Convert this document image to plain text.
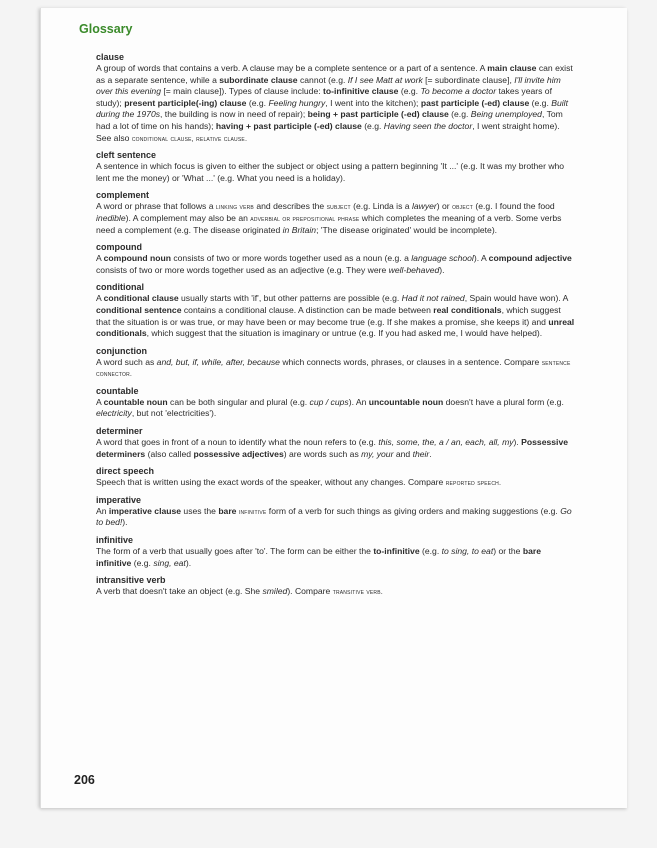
Glossary
clause
A group of words that contains a verb. A clause may be a complete sentence or a part of a sentence. A main clause can exist as a separate sentence, while a subordinate clause cannot (e.g. If I see Matt at work [= subordinate clause], I'll invite him over this evening [= main clause]). Types of clause include: to-infinitive clause (e.g. To become a doctor takes years of study); present participle(-ing) clause (e.g. Feeling hungry, I went into the kitchen); past participle (-ed) clause (e.g. Built during the 1970s, the building is now in need of repair); being + past participle (-ed) clause (e.g. Being unemployed, Tom had a lot of time on his hands); having + past participle (-ed) clause (e.g. Having seen the doctor, I went straight home). See also conditional clause, relative clause.
cleft sentence
A sentence in which focus is given to either the subject or object using a pattern beginning 'It ...' (e.g. It was my brother who lent me the money) or 'What ...' (e.g. What you need is a holiday).
complement
A word or phrase that follows a linking verb and describes the subject (e.g. Linda is a lawyer) or object (e.g. I found the food inedible). A complement may also be an adverbial or prepositional phrase which completes the meaning of a verb. Some verbs need a complement (e.g. The disease originated in Britain; 'The disease originated' would be incomplete).
compound
A compound noun consists of two or more words together used as a noun (e.g. a language school). A compound adjective consists of two or more words together used as an adjective (e.g. They were well-behaved).
conditional
A conditional clause usually starts with 'if', but other patterns are possible (e.g. Had it not rained, Spain would have won). A conditional sentence contains a conditional clause. A distinction can be made between real conditionals, which suggest that the situation is or was true, or may have been or may become true (e.g. If she makes a promise, she keeps it) and unreal conditionals, which suggest that the situation is imaginary or untrue (e.g. If you had asked me, I would have helped).
conjunction
A word such as and, but, if, while, after, because which connects words, phrases, or clauses in a sentence. Compare sentence connector.
countable
A countable noun can be both singular and plural (e.g. cup / cups). An uncountable noun doesn't have a plural form (e.g. electricity, but not 'electricities').
determiner
A word that goes in front of a noun to identify what the noun refers to (e.g. this, some, the, a / an, each, all, my). Possessive determiners (also called possessive adjectives) are words such as my, your and their.
direct speech
Speech that is written using the exact words of the speaker, without any changes. Compare reported speech.
imperative
An imperative clause uses the bare infinitive form of a verb for such things as giving orders and making suggestions (e.g. Go to bed!).
infinitive
The form of a verb that usually goes after 'to'. The form can be either the to-infinitive (e.g. to sing, to eat) or the bare infinitive (e.g. sing, eat).
intransitive verb
A verb that doesn't take an object (e.g. She smiled). Compare transitive verb.
206
